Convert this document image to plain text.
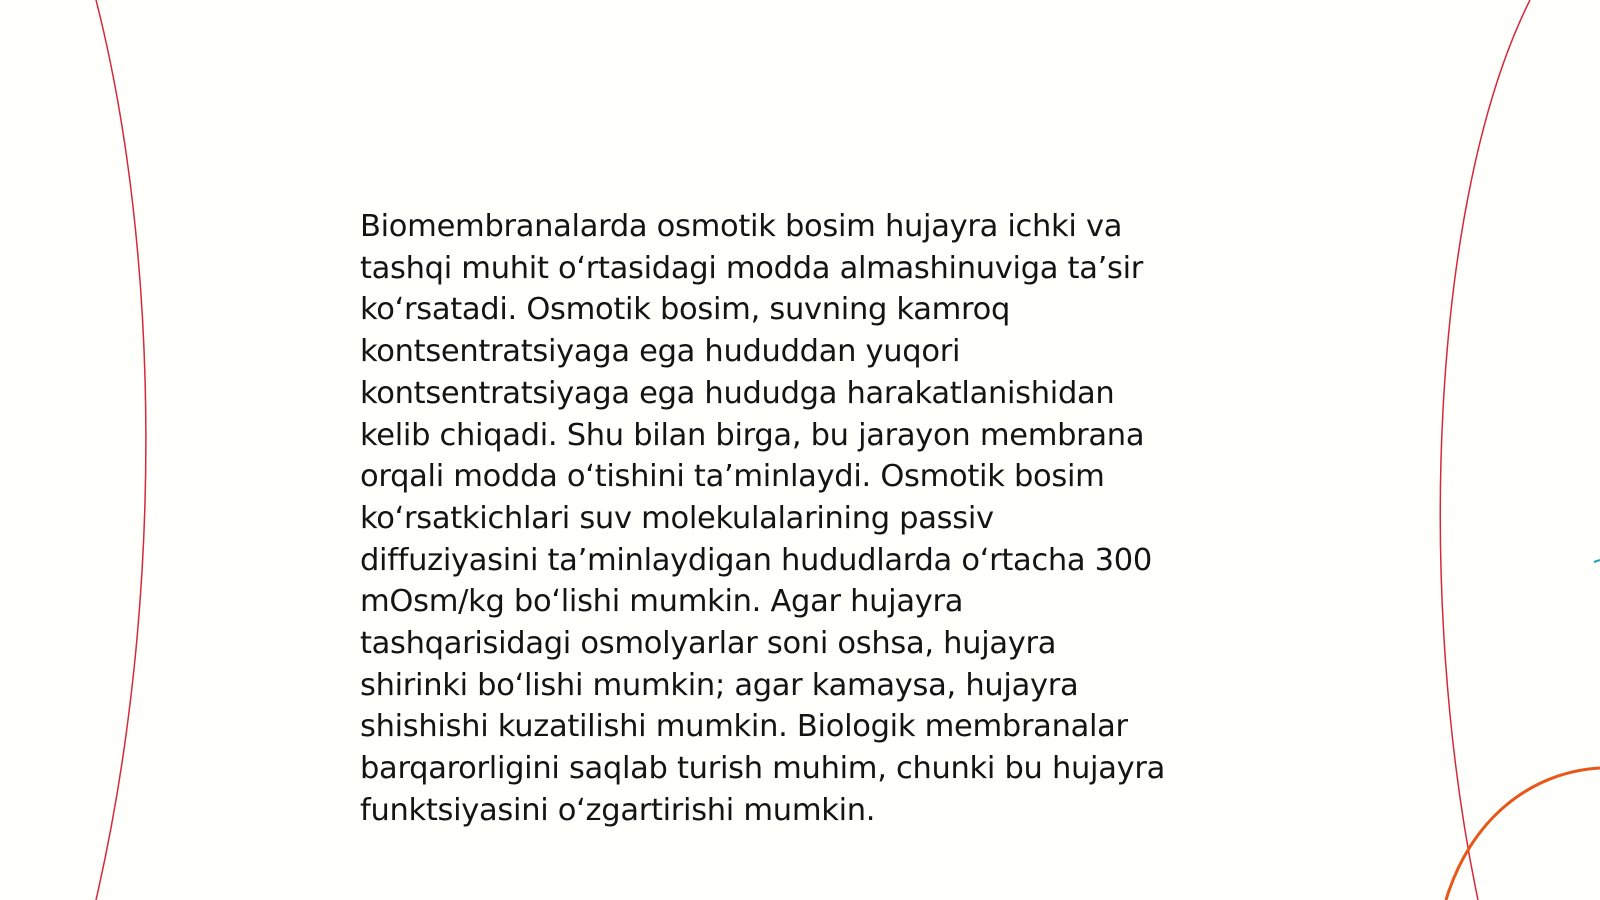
Biomembranalarda osmotik bosim hujayra ichki va
tashqi muhit o‘rtasidagi modda almashinuviga ta’sir
ko‘rsatadi. Osmotik bosim, suvning kamroq
kontsentratsiyaga ega hududdan yuqori
kontsentratsiyaga ega hududga harakatlanishidan
kelib chiqadi. Shu bilan birga, bu jarayon membrana
orqali modda o‘tishini ta’minlaydi. Osmotik bosim
ko‘rsatkichlari suv molekulalarining passiv
diffuziyasini ta’minlaydigan hududlarda o‘rtacha 300
mOsm/kg bo‘lishi mumkin. Agar hujayra
tashqarisidagi osmolyarlar soni oshsa, hujayra
shirinki bo‘lishi mumkin; agar kamaysa, hujayra
shishishi kuzatilishi mumkin. Biologik membranalar
barqarorligini saqlab turish muhim, chunki bu hujayra
funktsiyasini o‘zgartirishi mumkin.
